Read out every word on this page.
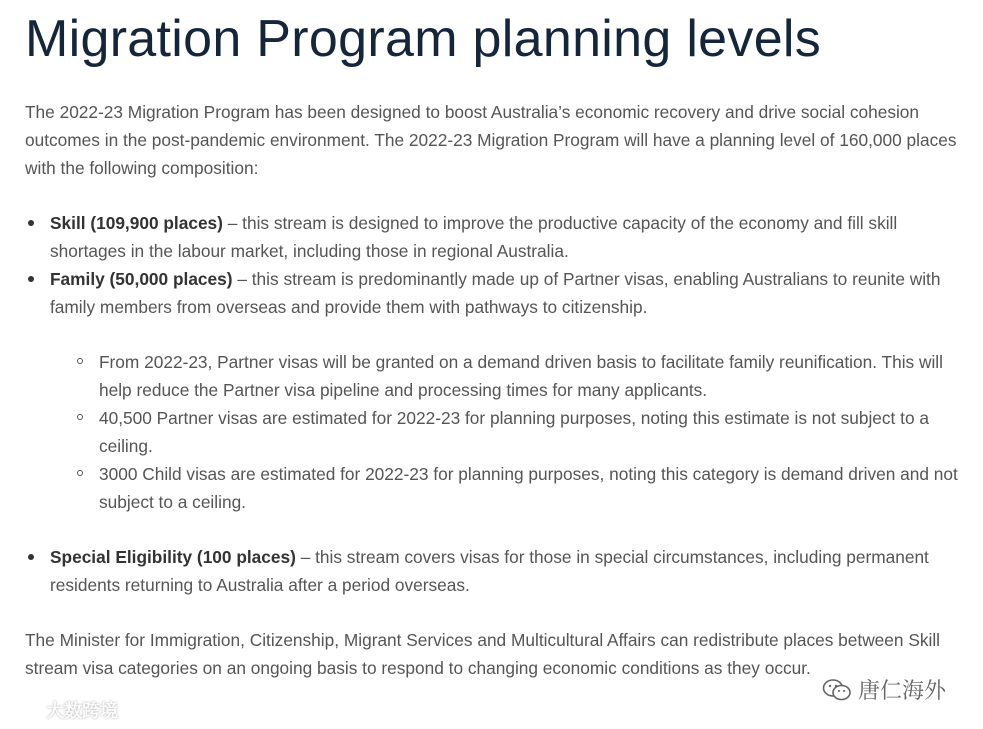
Migration Program planning levels

The 2022-23 Migration Program has been designed to boost Australia’s economic recovery and drive social cohesion outcomes in the post-pandemic environment. The 2022-23 Migration Program will have a planning level of 160,000 places with the following composition:

Skill (109,900 places) – this stream is designed to improve the productive capacity of the economy and fill skill shortages in the labour market, including those in regional Australia.
Family (50,000 places) – this stream is predominantly made up of Partner visas, enabling Australians to reunite with family members from overseas and provide them with pathways to citizenship.
From 2022-23, Partner visas will be granted on a demand driven basis to facilitate family reunification. This will help reduce the Partner visa pipeline and processing times for many applicants.
40,500 Partner visas are estimated for 2022-23 for planning purposes, noting this estimate is not subject to a ceiling.
3000 Child visas are estimated for 2022-23 for planning purposes, noting this category is demand driven and not subject to a ceiling.
Special Eligibility (100 places) – this stream covers visas for those in special circumstances, including permanent residents returning to Australia after a period overseas.

The Minister for Immigration, Citizenship, Migrant Services and Multicultural Affairs can redistribute places between Skill stream visa categories on an ongoing basis to respond to changing economic conditions as they occur.

唐仁海外
大数跨境
